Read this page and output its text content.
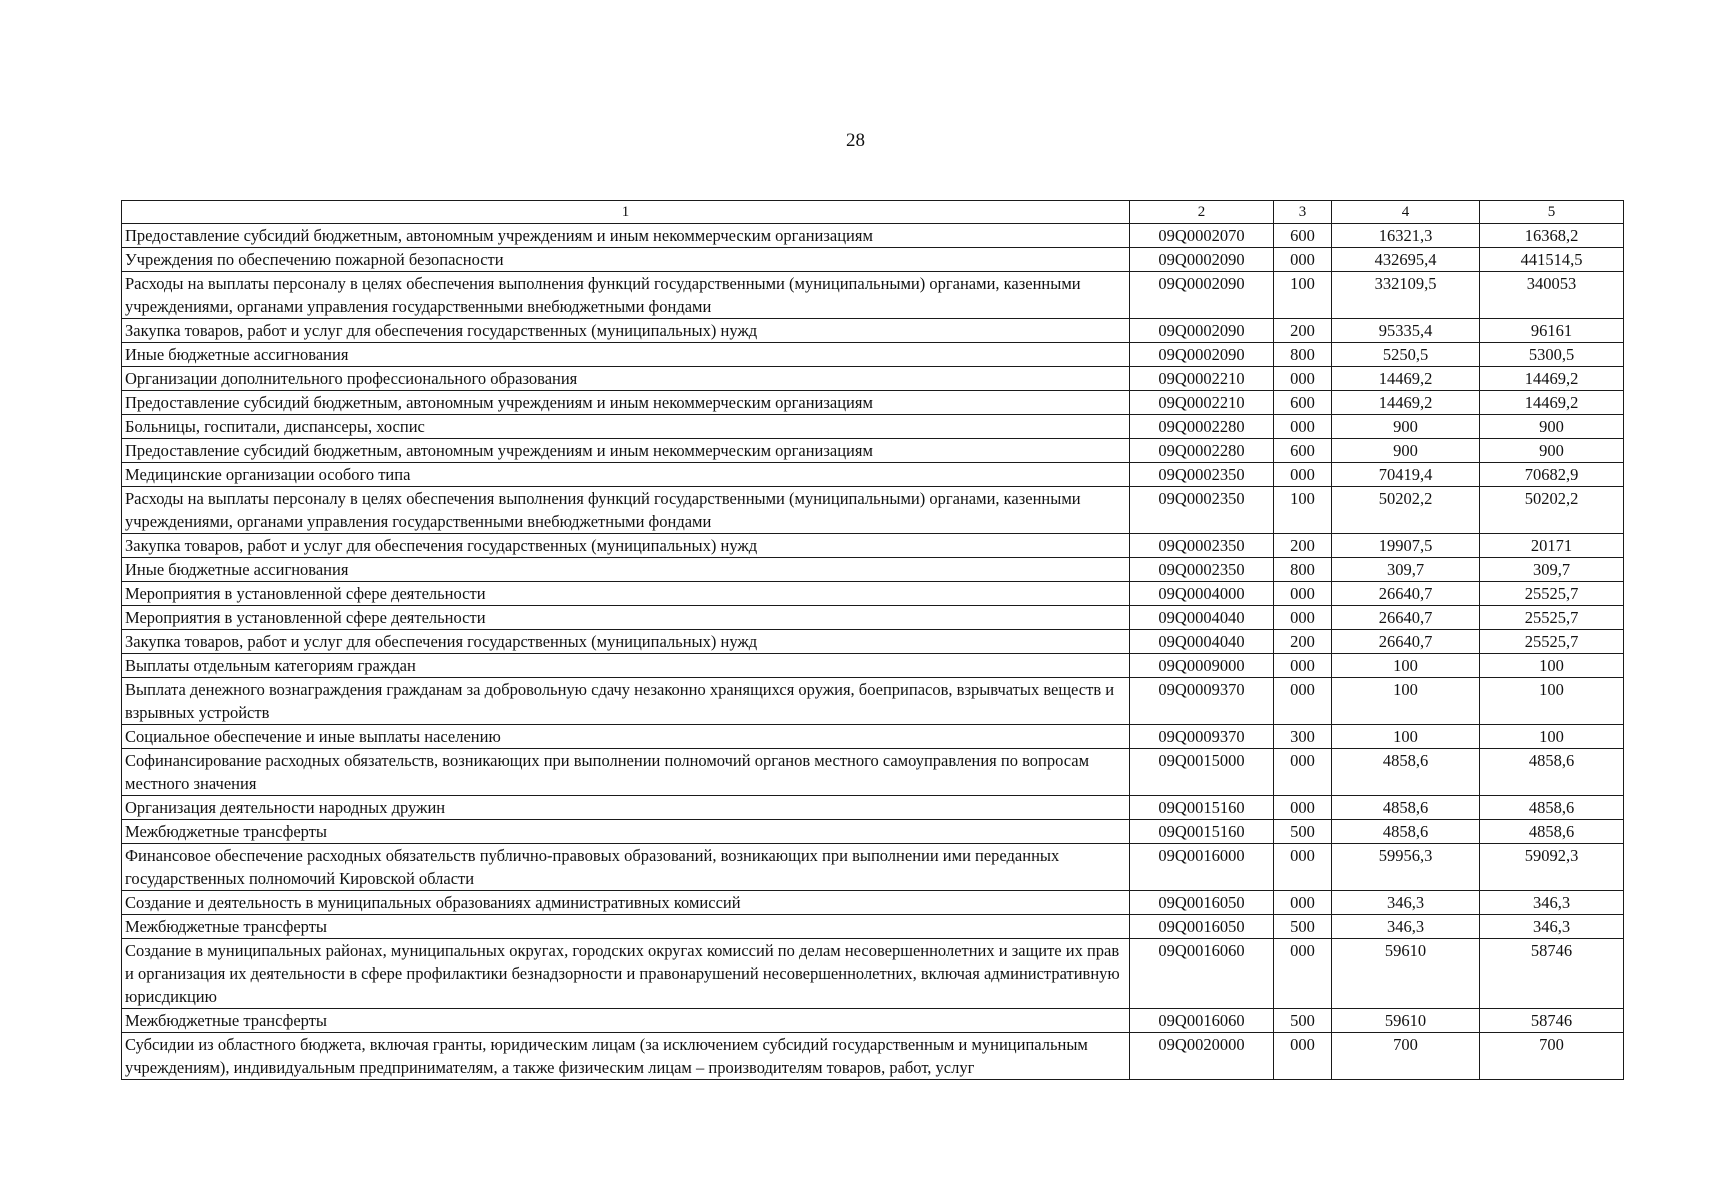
28
1	2	3	4	5
Предоставление субсидий бюджетным, автономным учреждениям и иным некоммерческим организациям	09Q0002070	600	16321,3	16368,2
Учреждения по обеспечению пожарной безопасности	09Q0002090	000	432695,4	441514,5
Расходы на выплаты персоналу в целях обеспечения выполнения функций государственными (муниципальными) органами, казенными учреждениями, органами управления государственными внебюджетными фондами	09Q0002090	100	332109,5	340053
Закупка товаров, работ и услуг для обеспечения государственных (муниципальных) нужд	09Q0002090	200	95335,4	96161
Иные бюджетные ассигнования	09Q0002090	800	5250,5	5300,5
Организации дополнительного профессионального образования	09Q0002210	000	14469,2	14469,2
Предоставление субсидий бюджетным, автономным учреждениям и иным некоммерческим организациям	09Q0002210	600	14469,2	14469,2
Больницы, госпитали, диспансеры, хоспис	09Q0002280	000	900	900
Предоставление субсидий бюджетным, автономным учреждениям и иным некоммерческим организациям	09Q0002280	600	900	900
Медицинские организации особого типа	09Q0002350	000	70419,4	70682,9
Расходы на выплаты персоналу в целях обеспечения выполнения функций государственными (муниципальными) органами, казенными учреждениями, органами управления государственными внебюджетными фондами	09Q0002350	100	50202,2	50202,2
Закупка товаров, работ и услуг для обеспечения государственных (муниципальных) нужд	09Q0002350	200	19907,5	20171
Иные бюджетные ассигнования	09Q0002350	800	309,7	309,7
Мероприятия в установленной сфере деятельности	09Q0004000	000	26640,7	25525,7
Мероприятия в установленной сфере деятельности	09Q0004040	000	26640,7	25525,7
Закупка товаров, работ и услуг для обеспечения государственных (муниципальных) нужд	09Q0004040	200	26640,7	25525,7
Выплаты отдельным категориям граждан	09Q0009000	000	100	100
Выплата денежного вознаграждения гражданам за добровольную сдачу незаконно хранящихся оружия, боеприпасов, взрывчатых веществ и взрывных устройств	09Q0009370	000	100	100
Социальное обеспечение и иные выплаты населению	09Q0009370	300	100	100
Софинансирование расходных обязательств, возникающих при выполнении полномочий органов местного самоуправления по вопросам местного значения	09Q0015000	000	4858,6	4858,6
Организация деятельности народных дружин	09Q0015160	000	4858,6	4858,6
Межбюджетные трансферты	09Q0015160	500	4858,6	4858,6
Финансовое обеспечение расходных обязательств публично-правовых образований, возникающих при выполнении ими переданных государственных полномочий Кировской области	09Q0016000	000	59956,3	59092,3
Создание и деятельность в муниципальных образованиях административных комиссий	09Q0016050	000	346,3	346,3
Межбюджетные трансферты	09Q0016050	500	346,3	346,3
Создание в муниципальных районах, муниципальных округах, городских округах комиссий по делам несовершеннолетних и защите их прав и организация их деятельности в сфере профилактики безнадзорности и правонарушений несовершеннолетних, включая административную юрисдикцию	09Q0016060	000	59610	58746
Межбюджетные трансферты	09Q0016060	500	59610	58746
Субсидии из областного бюджета, включая гранты, юридическим лицам (за исключением субсидий государственным и муниципальным учреждениям), индивидуальным предпринимателям, а также физическим лицам – производителям товаров, работ, услуг	09Q0020000	000	700	700
